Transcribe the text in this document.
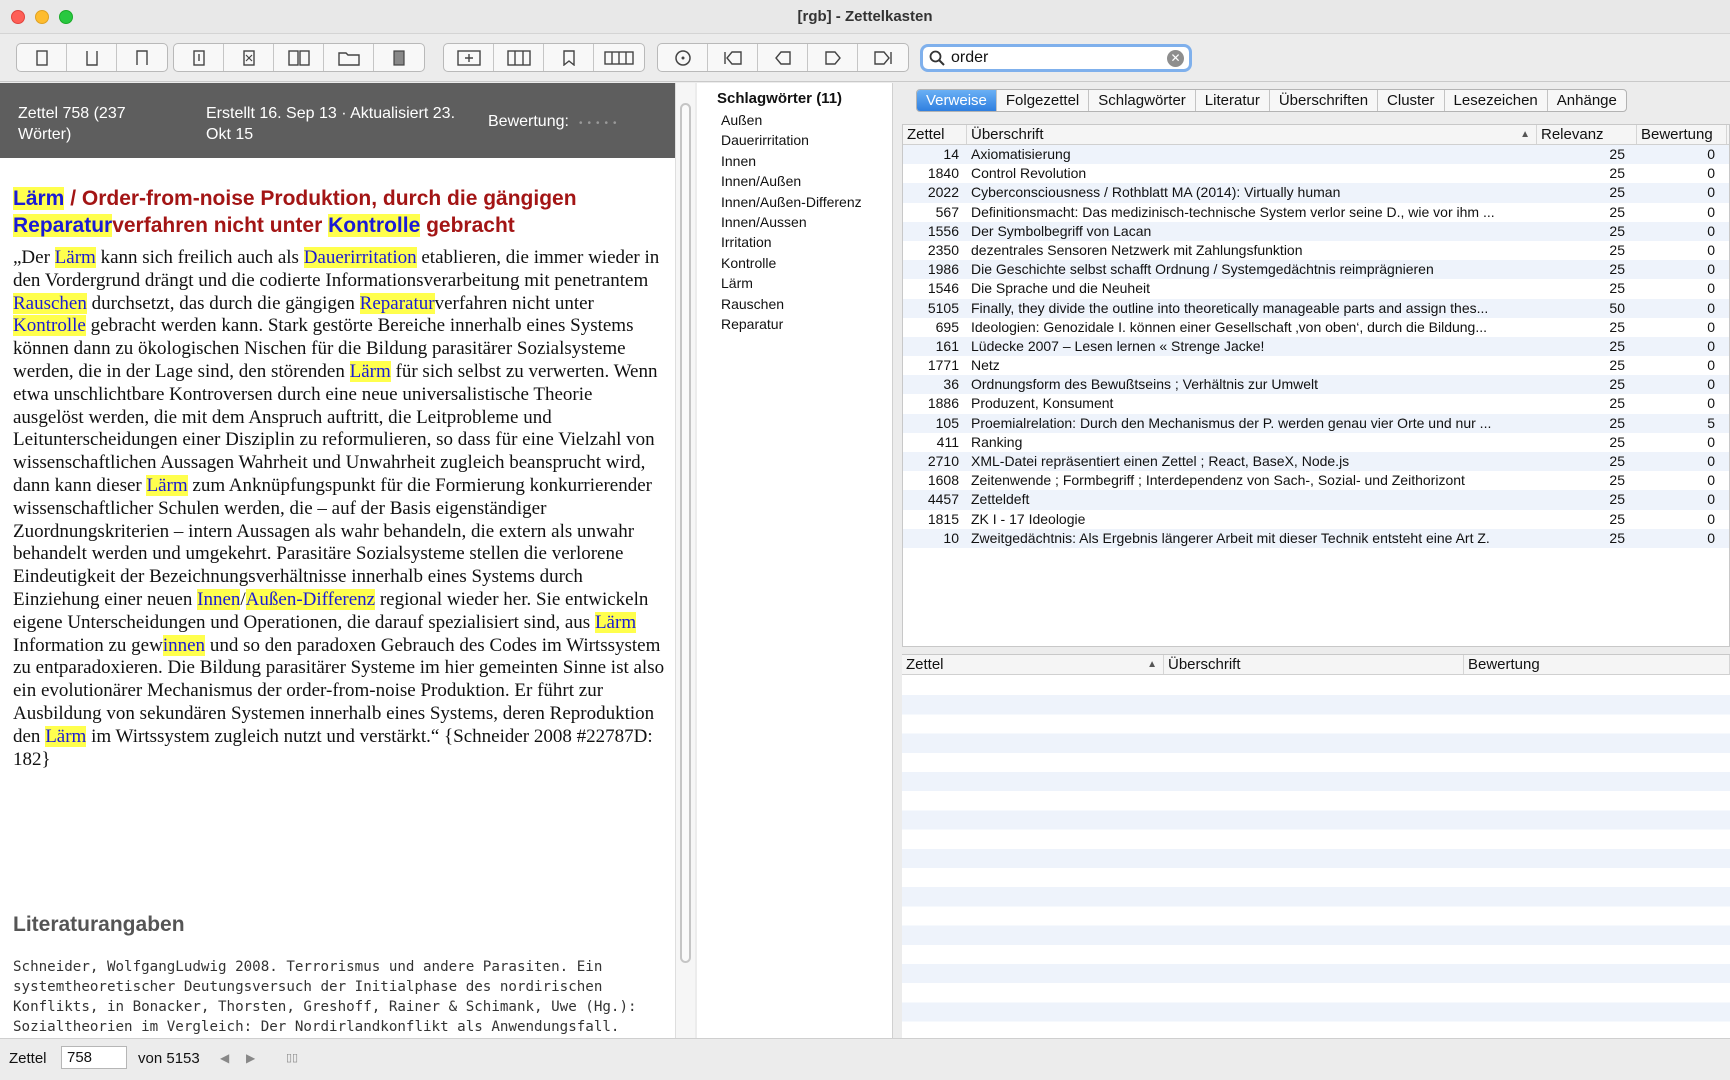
[rgb] - Zettelkasten
order	✕
Zettel 758 (237 Wörter)
Erstellt 16. Sep 13 · Aktualisiert 23. Okt 15
Bewertung: •••••
Lärm / Order-from-noise Produktion, durch die gängigen Reparaturverfahren nicht unter Kontrolle gebracht

„Der Lärm kann sich freilich auch als Dauerirritation etablieren, die immer wieder in den Vordergrund drängt und die codierte Informationsverarbeitung mit penetrantem Rauschen durchsetzt, das durch die gängigen Reparaturverfahren nicht unter Kontrolle gebracht werden kann. Stark gestörte Bereiche innerhalb eines Systems können dann zu ökologischen Nischen für die Bildung parasitärer Sozialsysteme werden, die in der Lage sind, den störenden Lärm für sich selbst zu verwerten. Wenn etwa unschlichtbare Kontroversen durch eine neue universalistische Theorie ausgelöst werden, die mit dem Anspruch auftritt, die Leitprobleme und Leitunterscheidungen einer Disziplin zu reformulieren, so dass für eine Vielzahl von wissenschaftlichen Aussagen Wahrheit und Unwahrheit zugleich beansprucht wird, dann kann dieser Lärm zum Anknüpfungspunkt für die Formierung konkurrierender wissenschaftlicher Schulen werden, die – auf der Basis eigenständiger Zuordnungskriterien – intern Aussagen als wahr behandeln, die extern als unwahr behandelt werden und umgekehrt. Parasitäre Sozialsysteme stellen die verlorene Eindeutigkeit der Bezeichnungsverhältnisse innerhalb eines Systems durch Einziehung einer neuen Innen/Außen-Differenz regional wieder her. Sie entwickeln eigene Unterscheidungen und Operationen, die darauf spezialisiert sind, aus Lärm Information zu gewinnen und so den paradoxen Gebrauch des Codes im Wirtssystem zu entparadoxieren. Die Bildung parasitärer Systeme im hier gemeinten Sinne ist also ein evolutionärer Mechanismus der order-from-noise Produktion. Er führt zur Ausbildung von sekundären Systemen innerhalb eines Systems, deren Reproduktion den Lärm im Wirtssystem zugleich nutzt und verstärkt.“ {Schneider 2008 #22787D: 182}

Literaturangaben

Schneider, WolfgangLudwig 2008. Terrorismus und andere Parasiten. Ein systemtheoretischer Deutungsversuch der Initialphase des nordirischen Konflikts, in Bonacker, Thorsten, Greshoff, Rainer & Schimank, Uwe (Hg.): Sozialtheorien im Vergleich: Der Nordirlandkonflikt als Anwendungsfall.

Schlagwörter (11)
Außen
Dauerirritation
Innen
Innen/Außen
Innen/Außen-Differenz
Innen/Aussen
Irritation
Kontrolle
Lärm
Rauschen
Reparatur
Verweise	Folgezettel	Schlagwörter	Literatur	Überschriften	Cluster	Lesezeichen	Anhänge
Zettel	Überschrift	▲ Relevanz	Bewertung
14 Axiomatisierung	25	0
1840 Control Revolution	25	0
2022 Cyberconsciousness / Rothblatt MA (2014): Virtually human	25	0
567 Definitionsmacht: Das medizinisch-technische System verlor seine D., wie vor ihm ...	25	0
1556 Der Symbolbegriff von Lacan	25	0
2350 dezentrales Sensoren Netzwerk mit Zahlungsfunktion	25	0
1986 Die Geschichte selbst schafft Ordnung / Systemgedächtnis reimprägnieren	25	0
1546 Die Sprache und die Neuheit	25	0
5105 Finally, they divide the outline into theoretically manageable parts and assign thes...	50	0
695 Ideologien: Genozidale I. können einer Gesellschaft ‚von oben‘, durch die Bildung...	25	0
161 Lüdecke 2007 – Lesen lernen « Strenge Jacke!	25	0
1771 Netz	25	0
36 Ordnungsform des Bewußtseins ; Verhältnis zur Umwelt	25	0
1886 Produzent, Konsument	25	0
105 Proemialrelation: Durch den Mechanismus der P. werden genau vier Orte und nur ...	25	5
411 Ranking	25	0
2710 XML-Datei repräsentiert einen Zettel ; React, BaseX, Node.js	25	0
1608 Zeitenwende ; Formbegriff ; Interdependenz von Sach-, Sozial- und Zeithorizont	25	0
4457 Zetteldeft	25	0
1815 ZK I - 17 Ideologie	25	0
10 Zweitgedächtnis: Als Ergebnis längerer Arbeit mit dieser Technik entsteht eine Art Z.	25	0
Zettel	▲ Überschrift	Bewertung
Zettel	758	von 5153 ◀ ▶	▯▯
